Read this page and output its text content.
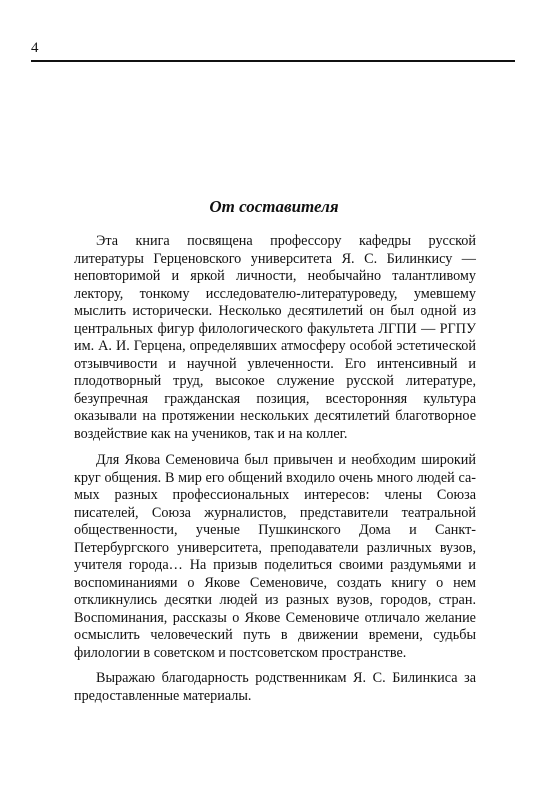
4
От составителя

Эта книга посвящена профессору кафедры русской литературы Герценовского университета Я. С. Билинкису — неповторимой и яркой личности, необычайно талантливому лектору, тонкому исследователю-литературоведу, умевшему мыслить исторически. Несколько десятилетий он был одной из центральных фигур филологического факультета ЛГПИ — РГПУ им. А. И. Герцена, определявших атмосферу особой эстетической отзывчивости и научной увлеченности. Его интенсивный и плодотворный труд, высокое служение русской литературе, безупречная гражданская позиция, всесторонняя культура оказывали на протяжении нескольких десятилетий благотворное воздействие как на учеников, так и на коллег.

Для Якова Семеновича был привычен и необходим широкий круг общения. В мир его общений входило очень много людей самых разных профессиональных интересов: члены Союза писателей, Союза журналистов, представители театральной общественности, ученые Пушкинского Дома и Санкт-Петербургского университета, преподаватели различных вузов, учителя города… На призыв поделиться своими раздумьями и воспоминаниями о Якове Семеновиче, создать книгу о нем откликнулись десятки людей из разных вузов, городов, стран. Воспоминания, рассказы о Якове Семеновиче отличало желание осмыслить человеческий путь в движении времени, судьбы филологии в советском и постсоветском пространстве.

Выражаю благодарность родственникам Я. С. Билинкиса за предоставленные материалы.
